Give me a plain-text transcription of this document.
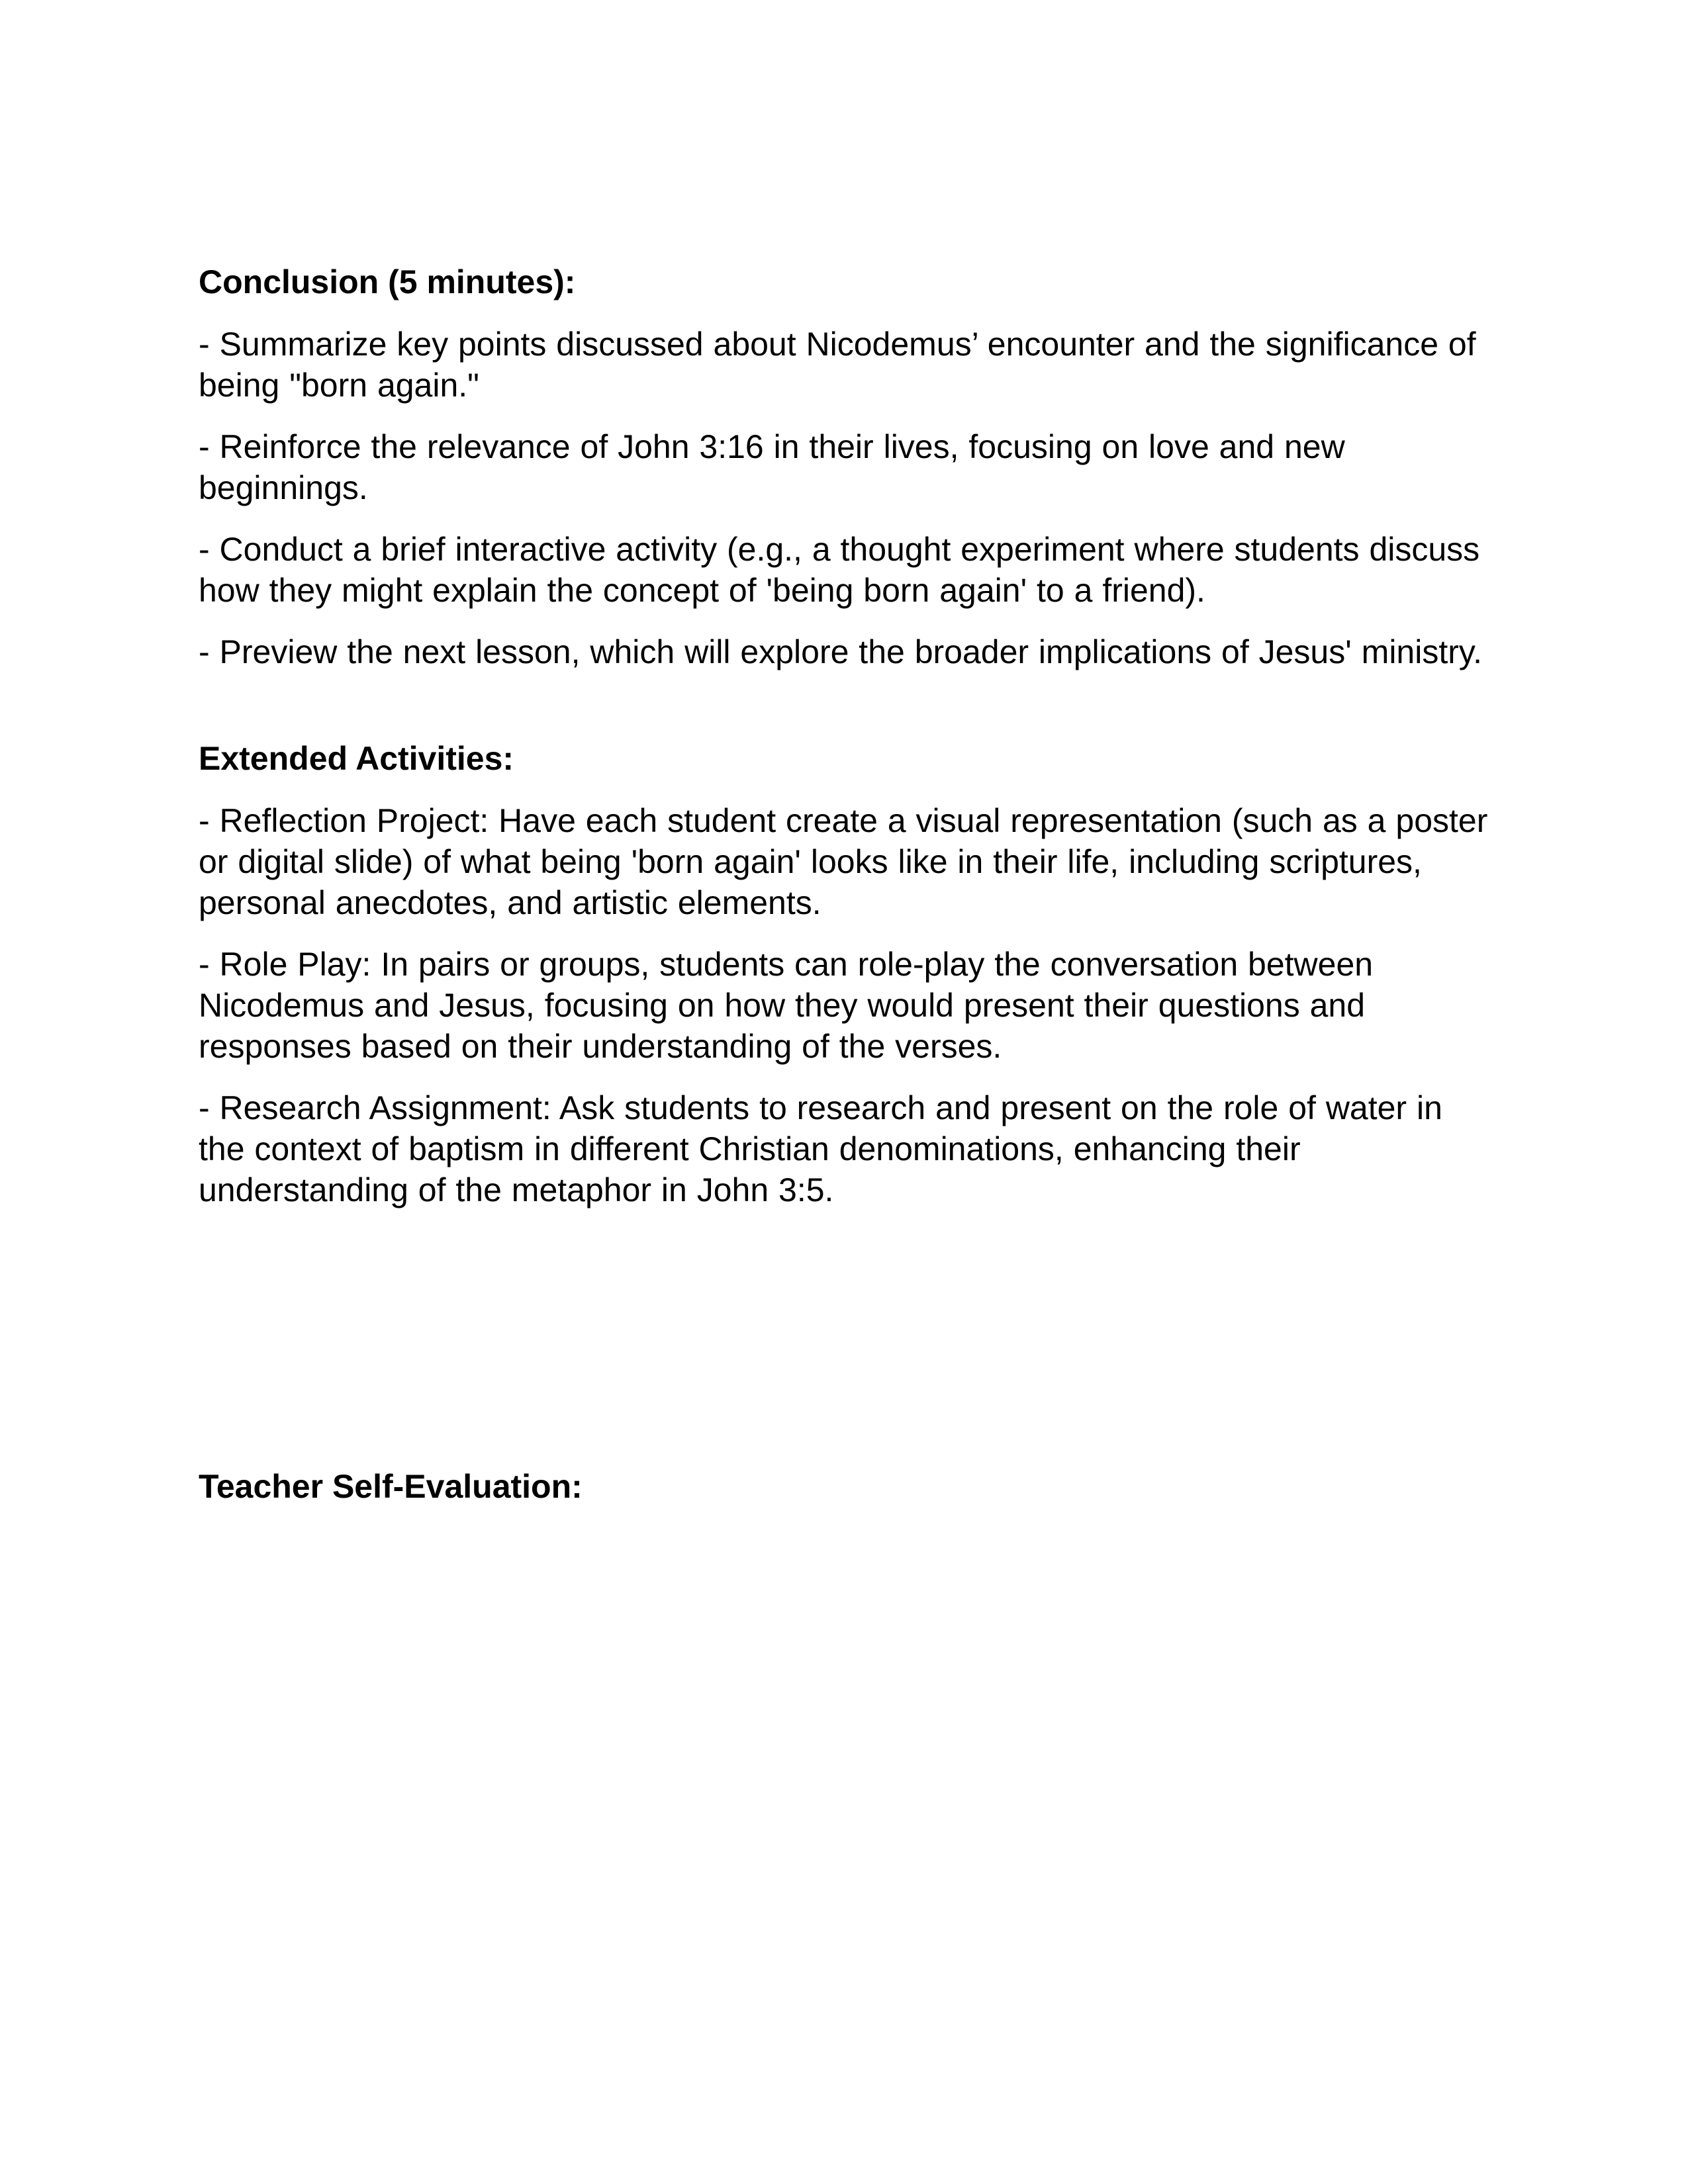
Conclusion (5 minutes):
- Summarize key points discussed about Nicodemus’ encounter and the significance of being "born again."
- Reinforce the relevance of John 3:16 in their lives, focusing on love and new beginnings.
- Conduct a brief interactive activity (e.g., a thought experiment where students discuss how they might explain the concept of 'being born again' to a friend).
- Preview the next lesson, which will explore the broader implications of Jesus' ministry.
Extended Activities:
- Reflection Project: Have each student create a visual representation (such as a poster or digital slide) of what being 'born again' looks like in their life, including scriptures, personal anecdotes, and artistic elements.
- Role Play: In pairs or groups, students can role-play the conversation between Nicodemus and Jesus, focusing on how they would present their questions and responses based on their understanding of the verses.
- Research Assignment: Ask students to research and present on the role of water in the context of baptism in different Christian denominations, enhancing their understanding of the metaphor in John 3:5.
Teacher Self-Evaluation:
